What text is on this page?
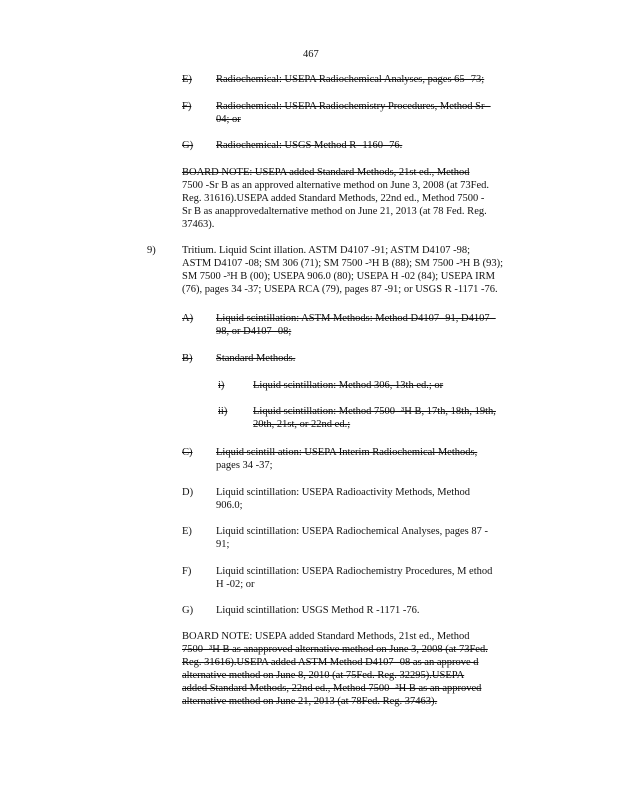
467
E) Radiochemical: USEPA Radiochemical Analyses, pages 65 -73;
F) Radiochemical: USEPA Radiochemistry Procedures, Method Sr -
04; or
G) Radiochemical: USGS Method R -1160 -76.
BOARD NOTE: USEPA added Standard Methods, 21st ed., Method
7500 -Sr B as an approved alternative method on June 3, 2008 (at 73Fed.
Reg. 31616).USEPA added Standard Methods, 22nd ed., Method 7500 -
Sr B as anapprovedalternative method on June 21, 2013 (at 78 Fed. Reg.
37463).
9)	Tritium. Liquid Scint illation. ASTM D4107 -91; ASTM D4107 -98;
ASTM D4107 -08; SM 306 (71); SM 7500 -³H B (88); SM 7500 -³H B (93);
SM 7500 -³H B (00); USEPA 906.0 (80); USEPA H -02 (84); USEPA IRM
(76), pages 34 -37; USEPA RCA (79), pages 87 -91; or USGS R -1171 -76.
A) Liquid scintillation: ASTM Methods: Method D4107 -91, D4107 -
98, or D4107 -08;
B) Standard Methods.
i)	Liquid scintillation: Method 306, 13th ed.; or
ii) Liquid scintillation: Method 7500 -³H B, 17th, 18th, 19th,
20th, 21st, or 22nd ed.;
C) Liquid scintill ation: USEPA Interim Radiochemical Methods,
pages 34 -37;
D) Liquid scintillation: USEPA Radioactivity Methods, Method
906.0;
E) Liquid scintillation: USEPA Radiochemical Analyses, pages 87 -
91;
F) Liquid scintillation: USEPA Radiochemistry Procedures, M ethod
H -02; or
G) Liquid scintillation: USGS Method R -1171 -76.
BOARD NOTE: USEPA added Standard Methods, 21st ed., Method
7500 -³H B as anapproved alternative method on June 3, 2008 (at 73Fed.
Reg. 31616).USEPA added ASTM Method D4107 -08 as an approve d
alternative method on June 8, 2010 (at 75Fed. Reg. 32295).USEPA
added Standard Methods, 22nd ed., Method 7500 -³H B as an approved
alternative method on June 21, 2013 (at 78Fed. Reg. 37463).
